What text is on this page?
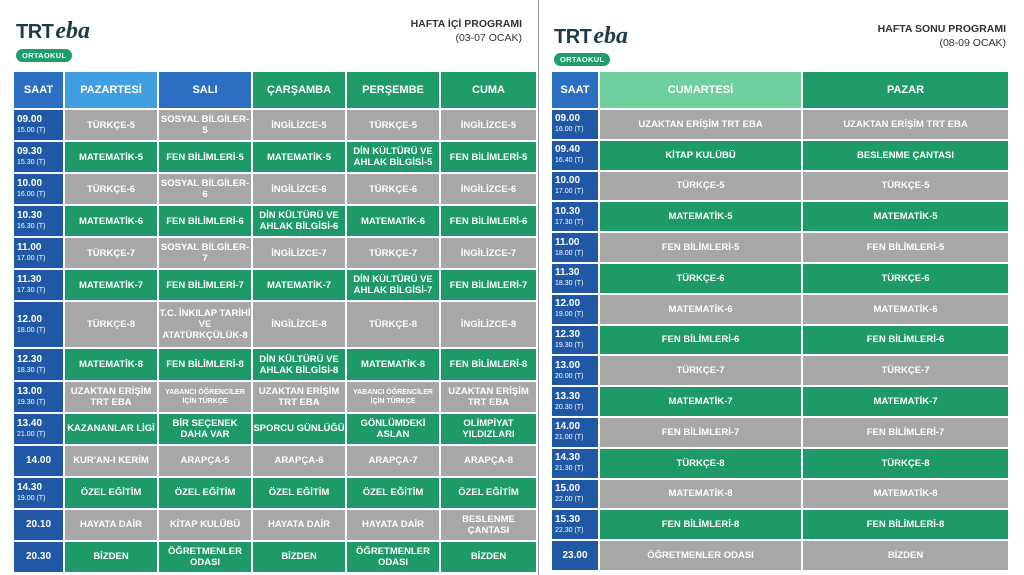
TRTeba
ORTAOKUL
HAFTA İÇİ PROGRAMI
(03-07 OCAK)
SAAT	PAZARTESİ	SALI	ÇARŞAMBA	PERŞEMBE	CUMA

09.00
15.00 (T)	TÜRKÇE-5	SOSYAL BİLGİLER-5	İNGİLİZCE-5	TÜRKÇE-5	İNGİLİZCE-5

09.30
15.30 (T)	MATEMATİK-5	FEN BİLİMLERİ-5	MATEMATİK-5	DİN KÜLTÜRÜ VE AHLAK BİLGİSİ-5	FEN BİLİMLERİ-5

10.00
16.00 (T)	TÜRKÇE-6	SOSYAL BİLGİLER-6	İNGİLİZCE-6	TÜRKÇE-6	İNGİLİZCE-6

10.30
16.30 (T)	MATEMATİK-6	FEN BİLİMLERİ-6	DİN KÜLTÜRÜ VE AHLAK BİLGİSİ-6	MATEMATİK-6	FEN BİLİMLERİ-6

11.00
17.00 (T)	TÜRKÇE-7	SOSYAL BİLGİLER-7	İNGİLİZCE-7	TÜRKÇE-7	İNGİLİZCE-7

11.30
17.30 (T)	MATEMATİK-7	FEN BİLİMLERİ-7	MATEMATİK-7	DİN KÜLTÜRÜ VE AHLAK BİLGİSİ-7	FEN BİLİMLERİ-7

12.00
18.00 (T)	TÜRKÇE-8	T.C. İNKILAP TARİHİ VE ATATÜRKÇÜLÜK-8	İNGİLİZCE-8	TÜRKÇE-8	İNGİLİZCE-8

12.30
18.30 (T)	MATEMATİK-8	FEN BİLİMLERİ-8	DİN KÜLTÜRÜ VE AHLAK BİLGİSİ-8	MATEMATİK-8	FEN BİLİMLERİ-8

13.00
19.30 (T)	UZAKTAN ERİŞİM TRT EBA	YABANCI ÖĞRENCİLER İÇİN TÜRKÇE	UZAKTAN ERİŞİM TRT EBA	YABANCI ÖĞRENCİLER İÇİN TÜRKÇE	UZAKTAN ERİŞİM TRT EBA

13.40
21.00 (T)	KAZANANLAR LİGİ	BİR SEÇENEK DAHA VAR	SPORCU GÜNLÜĞÜ	GÖNLÜMDEKİ ASLAN	OLİMPİYAT YILDIZLARI

14.00	KUR'AN-I KERİM	ARAPÇA-5	ARAPÇA-6	ARAPÇA-7	ARAPÇA-8

14.30
19.00 (T)	ÖZEL EĞİTİM	ÖZEL EĞİTİM	ÖZEL EĞİTİM	ÖZEL EĞİTİM	ÖZEL EĞİTİM

20.10	HAYATA DAİR	KİTAP KULÜBÜ	HAYATA DAİR	HAYATA DAİR	BESLENME ÇANTASI

20.30	BİZDEN	ÖĞRETMENLER ODASI	BİZDEN	ÖĞRETMENLER ODASI	BİZDEN
TRTeba
ORTAOKUL
HAFTA SONU PROGRAMI
(08-09 OCAK)
SAAT	CUMARTESİ	PAZAR

09.00
16.00 (T)	UZAKTAN ERİŞİM TRT EBA	UZAKTAN ERİŞİM TRT EBA

09.40
16.40 (T)	KİTAP KULÜBÜ	BESLENME ÇANTASI

10.00
17.00 (T)	TÜRKÇE-5	TÜRKÇE-5

10.30
17.30 (T)	MATEMATİK-5	MATEMATİK-5

11.00
18.00 (T)	FEN BİLİMLERİ-5	FEN BİLİMLERİ-5

11.30
18.30 (T)	TÜRKÇE-6	TÜRKÇE-6

12.00
19.00 (T)	MATEMATİK-6	MATEMATİK-6

12.30
19.30 (T)	FEN BİLİMLERİ-6	FEN BİLİMLERİ-6

13.00
20.00 (T)	TÜRKÇE-7	TÜRKÇE-7

13.30
20.30 (T)	MATEMATİK-7	MATEMATİK-7

14.00
21.00 (T)	FEN BİLİMLERİ-7	FEN BİLİMLERİ-7

14.30
21.30 (T)	TÜRKÇE-8	TÜRKÇE-8

15.00
22.00 (T)	MATEMATİK-8	MATEMATİK-8

15.30
22.30 (T)	FEN BİLİMLERİ-8	FEN BİLİMLERİ-8

23.00	ÖĞRETMENLER ODASI	BİZDEN
